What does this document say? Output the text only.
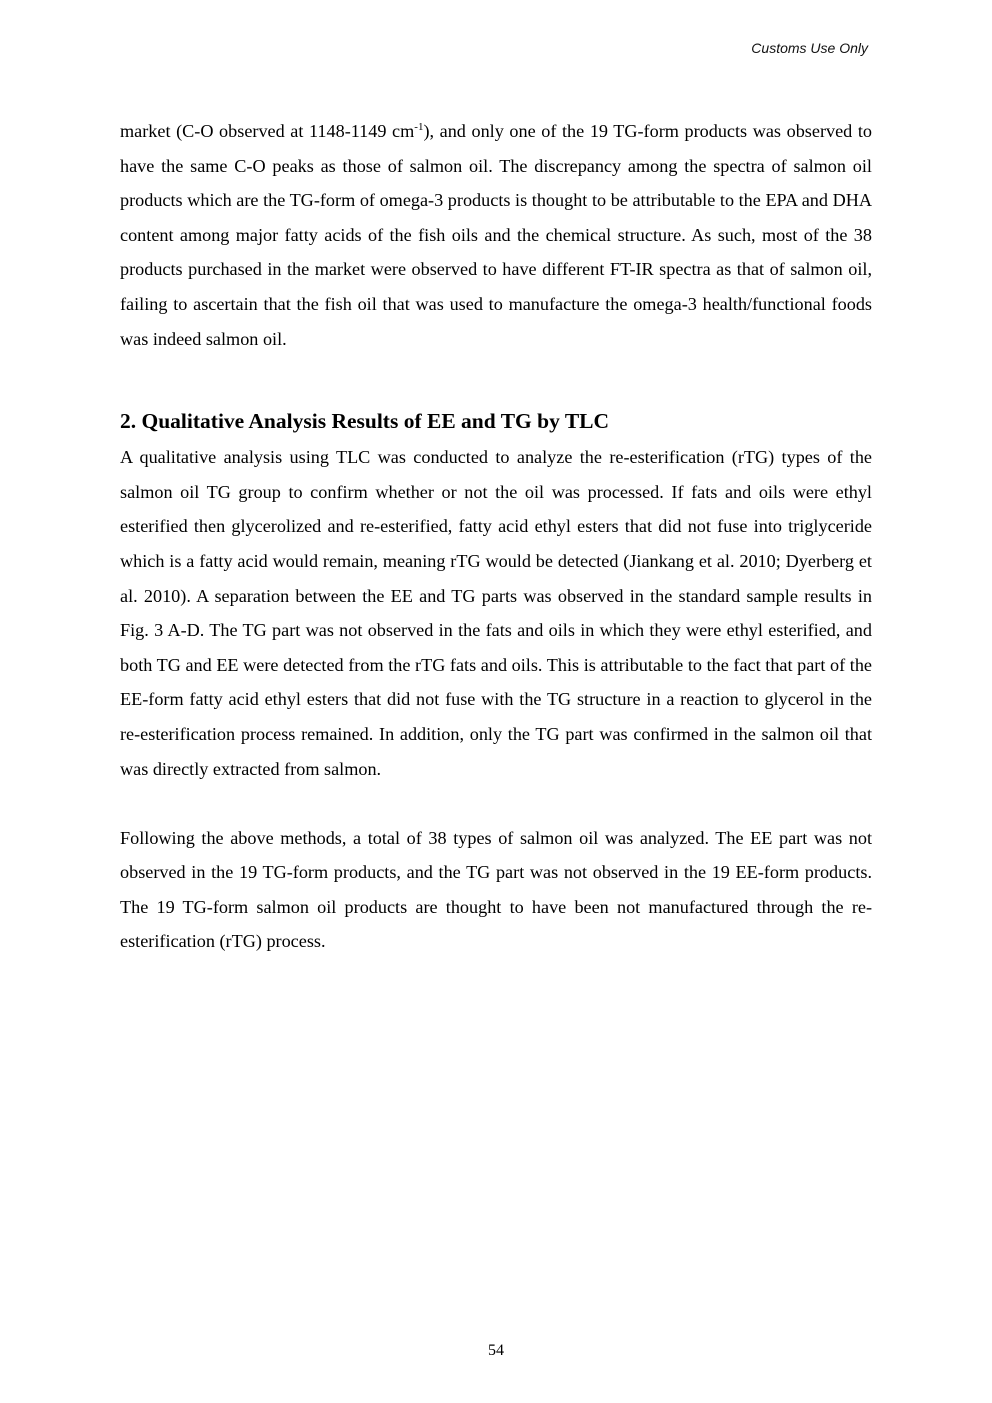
Customs Use Only

market (C-O observed at 1148-1149 $cm^{-1}$), and only one of the 19 TG-form products was observed to have the same C-O peaks as those of salmon oil. The discrepancy among the spectra of salmon oil products which are the TG-form of omega-3 products is thought to be attributable to the EPA and DHA content among major fatty acids of the fish oils and the chemical structure. As such, most of the 38 products purchased in the market were observed to have different FT-IR spectra as that of salmon oil, failing to ascertain that the fish oil that was used to manufacture the omega-3 health/functional foods was indeed salmon oil.

2. Qualitative Analysis Results of EE and TG by TLC

A qualitative analysis using TLC was conducted to analyze the re-esterification (rTG) types of the salmon oil TG group to confirm whether or not the oil was processed. If fats and oils were ethyl esterified then glycerolized and re-esterified, fatty acid ethyl esters that did not fuse into triglyceride which is a fatty acid would remain, meaning rTG would be detected (Jiankang et al. 2010; Dyerberg et al. 2010). A separation between the EE and TG parts was observed in the standard sample results in Fig. 3 A-D. The TG part was not observed in the fats and oils in which they were ethyl esterified, and both TG and EE were detected from the rTG fats and oils. This is attributable to the fact that part of the EE-form fatty acid ethyl esters that did not fuse with the TG structure in a reaction to glycerol in the re-esterification process remained. In addition, only the TG part was confirmed in the salmon oil that was directly extracted from salmon.

Following the above methods, a total of 38 types of salmon oil was analyzed. The EE part was not observed in the 19 TG-form products, and the TG part was not observed in the 19 EE-form products. The 19 TG-form salmon oil products are thought to have been not manufactured through the re-esterification (rTG) process.

54
